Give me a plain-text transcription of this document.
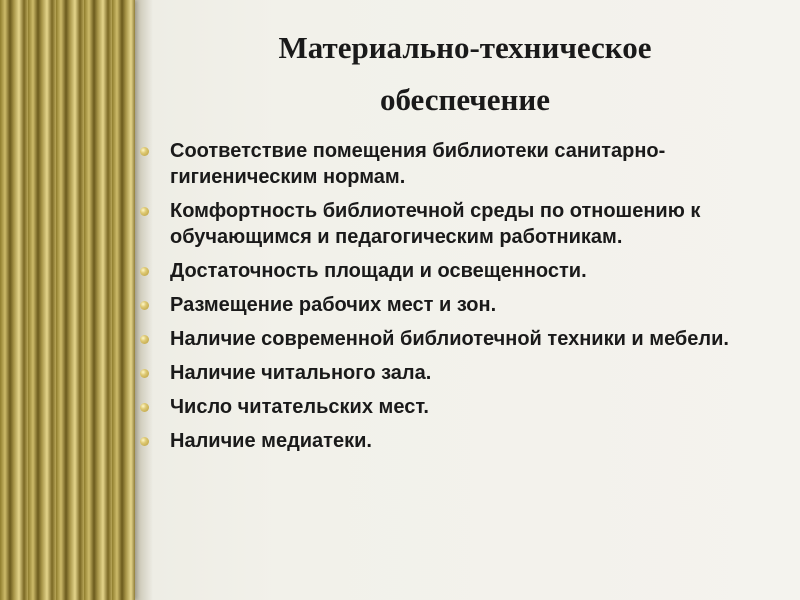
Материально-техническое
обеспечение
Соответствие помещения библиотеки санитарно-гигиеническим нормам.
Комфортность библиотечной среды по отношению к обучающимся и педагогическим работникам.
Достаточность площади и освещенности.
Размещение рабочих мест и зон.
Наличие современной библиотечной техники и мебели.
Наличие читального зала.
Число читательских мест.
Наличие медиатеки.
